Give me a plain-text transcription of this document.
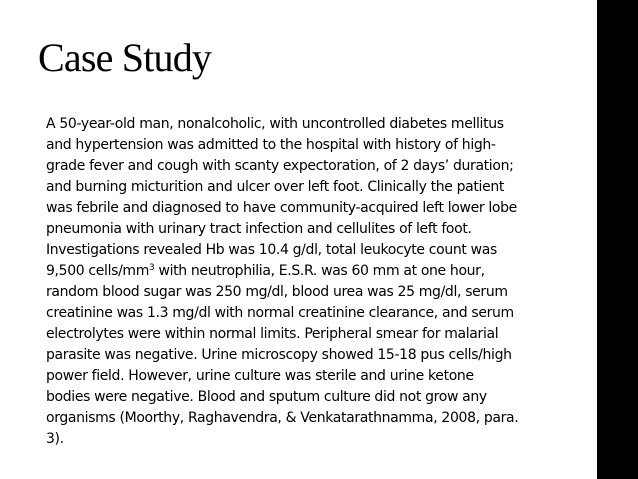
Case Study
A 50-year-old man, nonalcoholic, with uncontrolled diabetes mellitus
and hypertension was admitted to the hospital with history of high-
grade fever and cough with scanty expectoration, of 2 days’ duration;
and burning micturition and ulcer over left foot. Clinically the patient
was febrile and diagnosed to have community-acquired left lower lobe
pneumonia with urinary tract infection and cellulites of left foot.
Investigations revealed Hb was 10.4 g/dl, total leukocyte count was
9,500 cells/$mm^3$ with neutrophilia, E.S.R. was 60 mm at one hour,
random blood sugar was 250 mg/dl, blood urea was 25 mg/dl, serum
creatinine was 1.3 mg/dl with normal creatinine clearance, and serum
electrolytes were within normal limits. Peripheral smear for malarial
parasite was negative. Urine microscopy showed 15-18 pus cells/high
power field. However, urine culture was sterile and urine ketone
bodies were negative. Blood and sputum culture did not grow any
organisms (Moorthy, Raghavendra, & Venkatarathnamma, 2008, para.
3).
